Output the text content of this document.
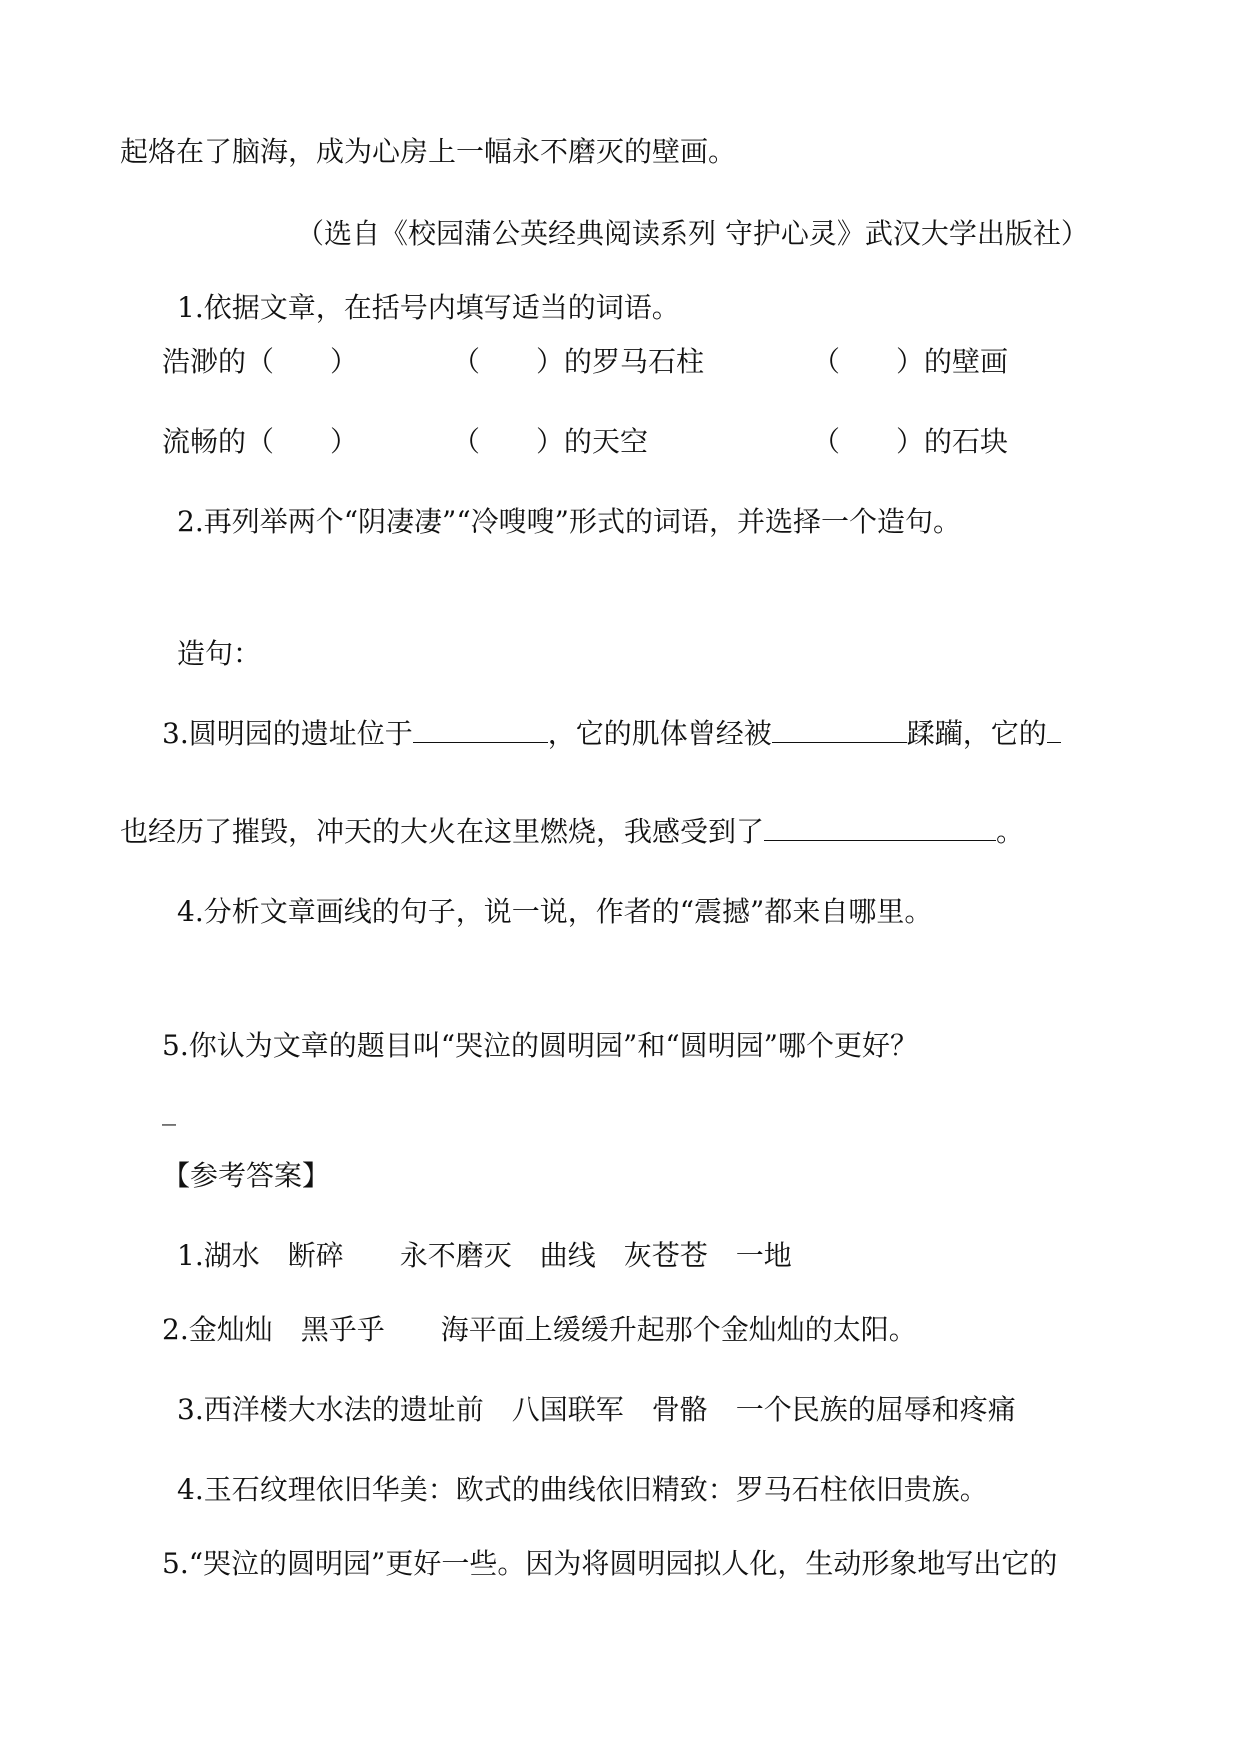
起烙在了脑海，成为心房上一幅永不磨灭的壁画。
（选自《校园蒲公英经典阅读系列 守护心灵》武汉大学出版社）
1.依据文章，在括号内填写适当的词语。
浩渺的（　　）	（　　）的罗马石柱	（　　）的壁画
流畅的（　　）	（　　）的天空	（　　）的石块
2.再列举两个“阴凄凄”“冷嗖嗖”形式的词语，并选择一个造句。
造句：
3.圆明园的遗址位于	，它的肌体曾经被	蹂躏，它的
也经历了摧毁，冲天的大火在这里燃烧，我感受到了	。
4.分析文章画线的句子，说一说，作者的“震撼”都来自哪里。
5.你认为文章的题目叫“哭泣的圆明园”和“圆明园”哪个更好？
_
【参考答案】
1.湖水　断碎　　永不磨灭　曲线　灰苍苍　一地
2.金灿灿　黑乎乎　　海平面上缓缓升起那个金灿灿的太阳。
3.西洋楼大水法的遗址前　八国联军　骨骼　一个民族的屈辱和疼痛
4.玉石纹理依旧华美：欧式的曲线依旧精致：罗马石柱依旧贵族。
5.“哭泣的圆明园”更好一些。因为将圆明园拟人化，生动形象地写出它的
